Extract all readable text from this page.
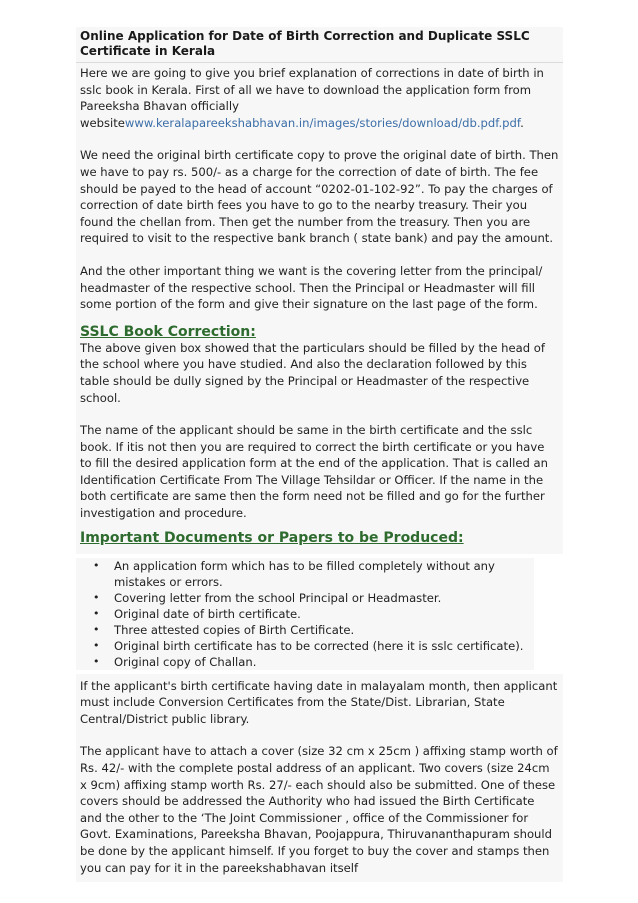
Online Application for Date of Birth Correction and Duplicate SSLC Certificate in Kerala

Here we are going to give you brief explanation of corrections in date of birth in sslc book in Kerala. First of all we have to download the application form from Pareeksha Bhavan officially websitewww.keralapareekshabhavan.in/images/stories/download/db.pdf.pdf.

We need the original birth certificate copy to prove the original date of birth. Then we have to pay rs. 500/- as a charge for the correction of date of birth. The fee should be payed to the head of account “0202-01-102-92”. To pay the charges of correction of date birth fees you have to go to the nearby treasury. Their you found the chellan from. Then get the number from the treasury. Then you are required to visit to the respective bank branch ( state bank) and pay the amount.

And the other important thing we want is the covering letter from the principal/ headmaster of the respective school. Then the Principal or Headmaster will fill some portion of the form and give their signature on the last page of the form.

SSLC Book Correction:

The above given box showed that the particulars should be filled by the head of the school where you have studied. And also the declaration followed by this table should be dully signed by the Principal or Headmaster of the respective school.

The name of the applicant should be same in the birth certificate and the sslc book. If itis not then you are required to correct the birth certificate or you have to fill the desired application form at the end of the application. That is called an Identification Certificate From The Village Tehsildar or Officer. If the name in the both certificate are same then the form need not be filled and go for the further investigation and procedure.

Important Documents or Papers to be Produced:
• An application form which has to be filled completely without any mistakes or errors.
• Covering letter from the school Principal or Headmaster.
• Original date of birth certificate.
• Three attested copies of Birth Certificate.
• Original birth certificate has to be corrected (here it is sslc certificate).
• Original copy of Challan.

If the applicant's birth certificate having date in malayalam month, then applicant must include Conversion Certificates from the State/Dist. Librarian, State Central/District public library.

The applicant have to attach a cover (size 32 cm x 25cm ) affixing stamp worth of Rs. 42/- with the complete postal address of an applicant. Two covers (size 24cm x 9cm) affixing stamp worth Rs. 27/- each should also be submitted. One of these covers should be addressed the Authority who had issued the Birth Certificate and the other to the ‘The Joint Commissioner , office of the Commissioner for Govt. Examinations, Pareeksha Bhavan, Poojappura, Thiruvananthapuram should be done by the applicant himself. If you forget to buy the cover and stamps then you can pay for it in the pareekshabhavan itself
